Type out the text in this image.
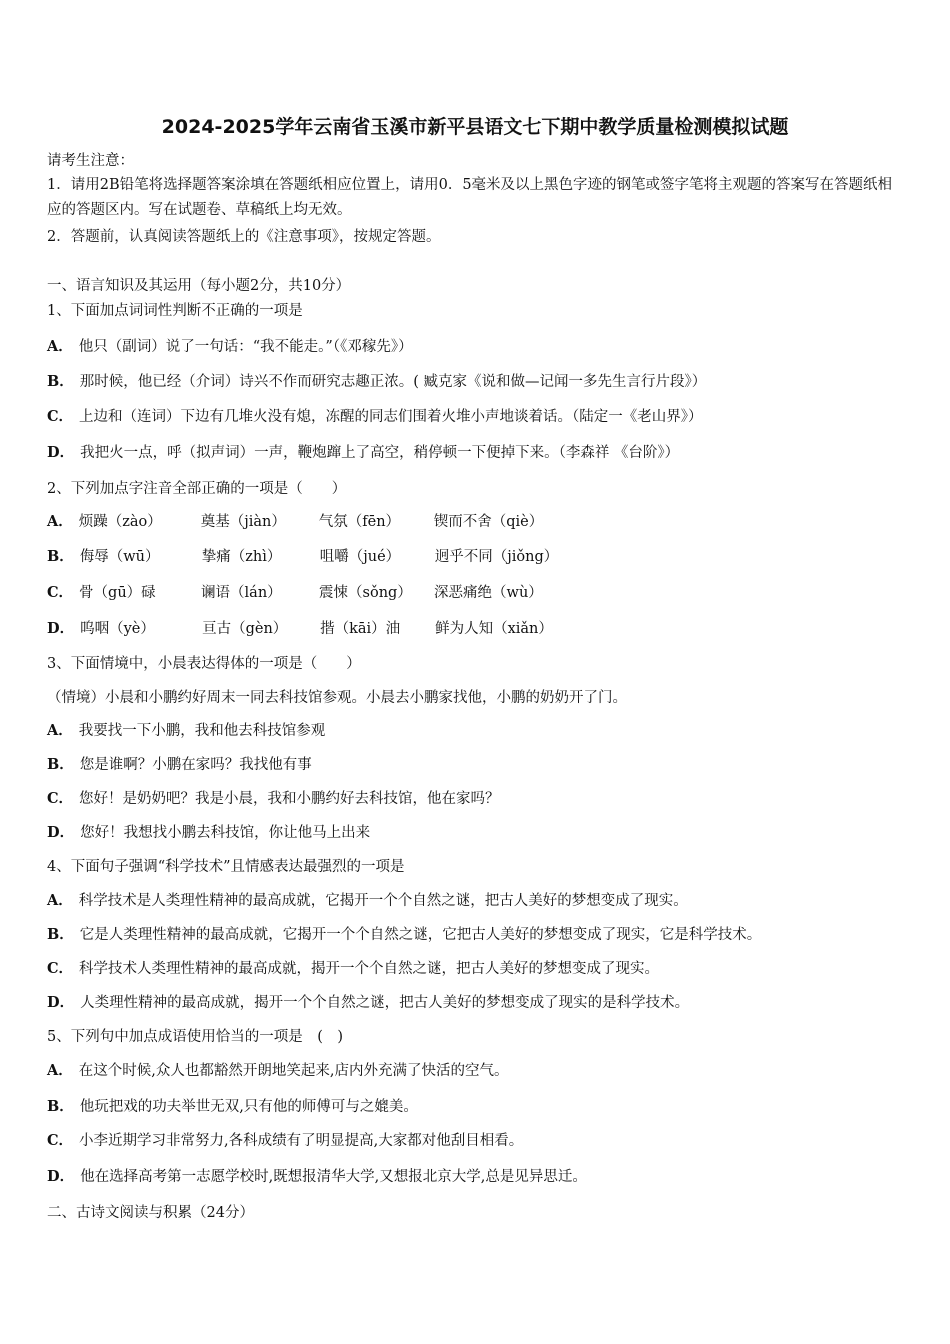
2024-2025学年云南省玉溪市新平县语文七下期中教学质量检测模拟试题
请考生注意：
1．请用2B铅笔将选择题答案涂填在答题纸相应位置上，请用0．5毫米及以上黑色字迹的钢笔或签字笔将主观题的答案写在答题纸相应的答题区内。写在试题卷、草稿纸上均无效。
2．答题前，认真阅读答题纸上的《注意事项》，按规定答题。
一、语言知识及其运用（每小题2分，共10分）
1、下面加点词词性判断不正确的一项是
A． 他只（副词）说了一句话：“我不能走。”（《邓稼先》）
B． 那时候，他已经（介词）诗兴不作而研究志趣正浓。( 臧克家《说和做—记闻一多先生言行片段》）
C． 上边和（连词）下边有几堆火没有熄，冻醒的同志们围着火堆小声地谈着话。（陆定一《老山界》）
D． 我把火一点，呼（拟声词）一声，鞭炮蹿上了高空，稍停顿一下便掉下来。（李森祥 《台阶》）
2、下列加点字注音全部正确的一项是（　　）
A． 烦躁（zào）	奠基（jiàn） 气氛（fēn） 锲而不舍（qiè）
B． 侮辱（wū）	挚痛（zhì）	咀嚼（jué） 迥乎不同（jiǒng）
C． 骨（gū）碌	谰语（lán）	震悚（sǒng） 深恶痛绝（wù）
D． 呜咽（yè）	亘古（gèn） 揩（kāi）油 鲜为人知（xiǎn）
3、下面情境中，小晨表达得体的一项是（　　）
（情境）小晨和小鹏约好周末一同去科技馆参观。小晨去小鹏家找他，小鹏的奶奶开了门。
A． 我要找一下小鹏，我和他去科技馆参观
B． 您是谁啊？小鹏在家吗？我找他有事
C． 您好！是奶奶吧？我是小晨，我和小鹏约好去科技馆，他在家吗？
D． 您好！我想找小鹏去科技馆，你让他马上出来
4、下面句子强调“科学技术”且情感表达最强烈的一项是
A． 科学技术是人类理性精神的最高成就，它揭开一个个自然之谜，把古人美好的梦想变成了现实。
B． 它是人类理性精神的最高成就，它揭开一个个自然之谜，它把古人美好的梦想变成了现实，它是科学技术。
C． 科学技术人类理性精神的最高成就，揭开一个个自然之谜，把古人美好的梦想变成了现实。
D． 人类理性精神的最高成就，揭开一个个自然之谜，把古人美好的梦想变成了现实的是科学技术。
5、下列句中加点成语使用恰当的一项是　(　)
A． 在这个时候,众人也都豁然开朗地笑起来,店内外充满了快活的空气。
B． 他玩把戏的功夫举世无双,只有他的师傅可与之媲美。
C． 小李近期学习非常努力,各科成绩有了明显提高,大家都对他刮目相看。
D． 他在选择高考第一志愿学校时,既想报清华大学,又想报北京大学,总是见异思迁。
二、古诗文阅读与积累（24分）
